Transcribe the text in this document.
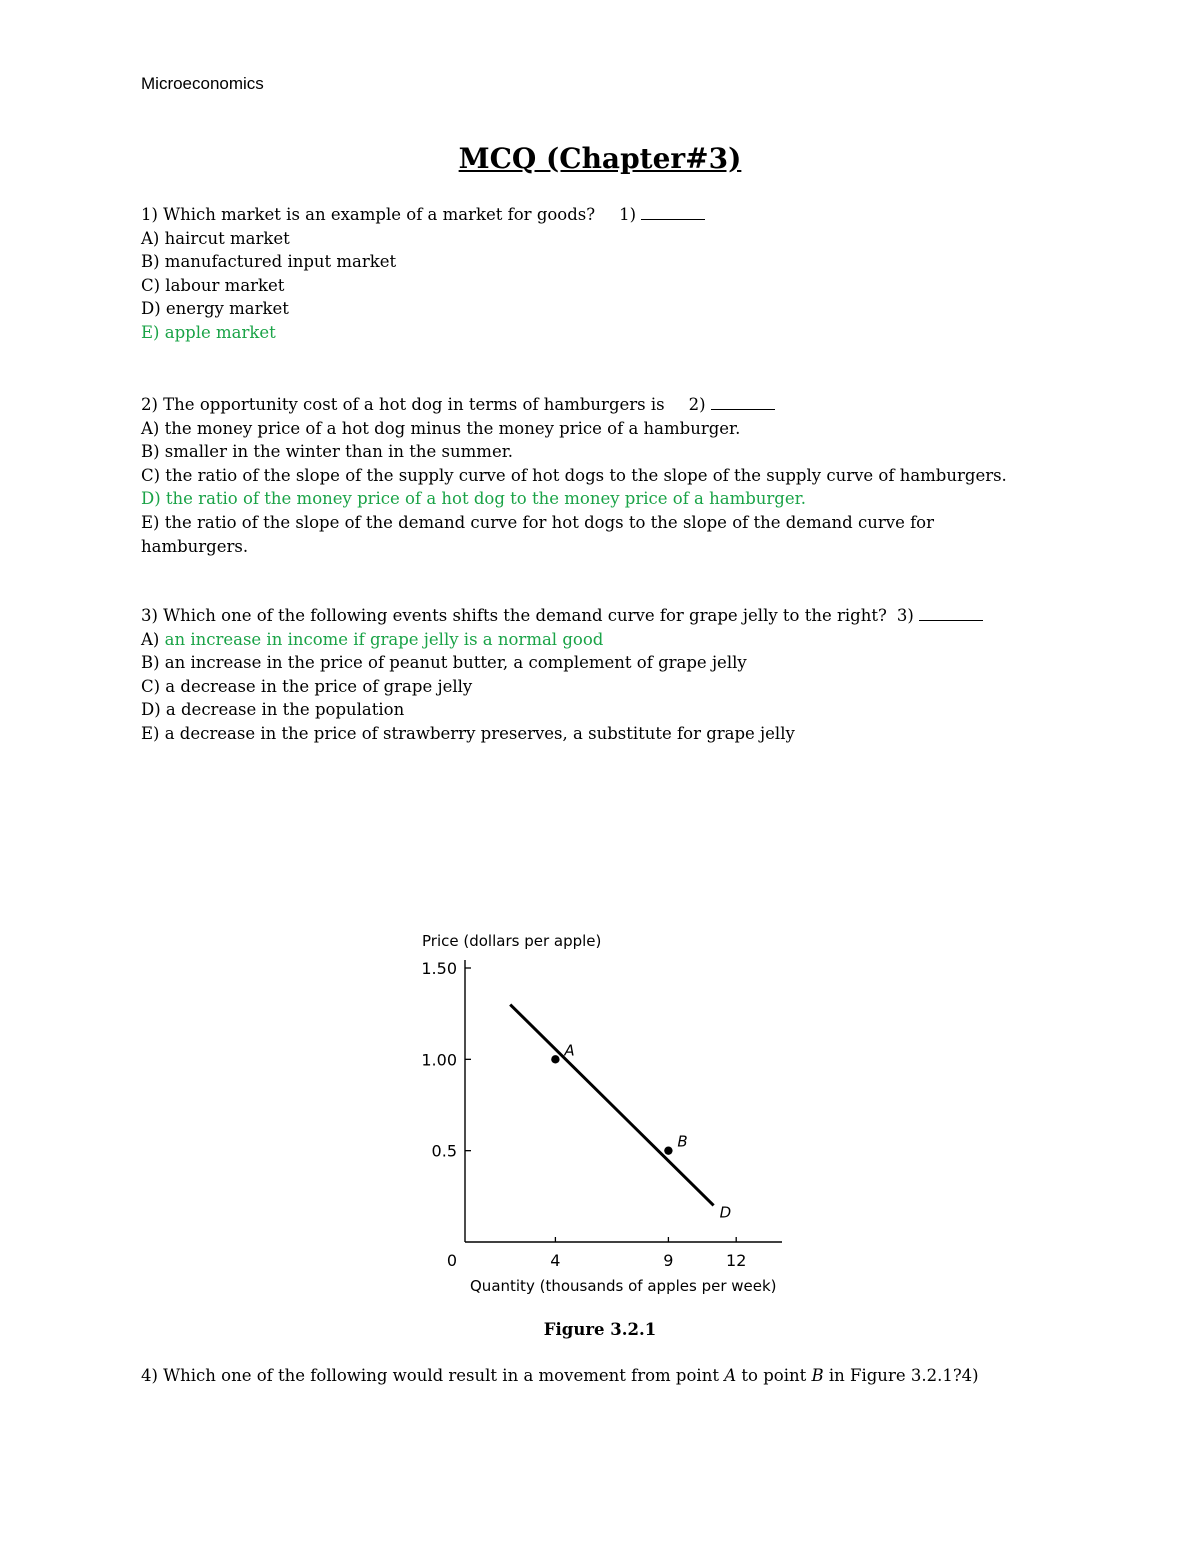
Microeconomics
MCQ (Chapter#3)
1) Which market is an example of a market for goods? 1)
A) haircut market
B) manufactured input market
C) labour market
D) energy market
E) apple market
2) The opportunity cost of a hot dog in terms of hamburgers is 2)
A) the money price of a hot dog minus the money price of a hamburger.
B) smaller in the winter than in the summer.
C) the ratio of the slope of the supply curve of hot dogs to the slope of the supply curve of hamburgers.
D) the ratio of the money price of a hot dog to the money price of a hamburger.
E) the ratio of the slope of the demand curve for hot dogs to the slope of the demand curve for hamburgers.
3) Which one of the following events shifts the demand curve for grape jelly to the right? 3)
A) an increase in income if grape jelly is a normal good
B) an increase in the price of peanut butter, a complement of grape jelly
C) a decrease in the price of grape jelly
D) a decrease in the population
E) a decrease in the price of strawberry preserves, a substitute for grape jelly
Price (dollars per apple)
1.50
1.00
0.5
0	4	9	12
D
A
B
Quantity (thousands of apples per week)
Figure 3.2.1
4) Which one of the following would result in a movement from point A to point B in Figure 3.2.1?4)
